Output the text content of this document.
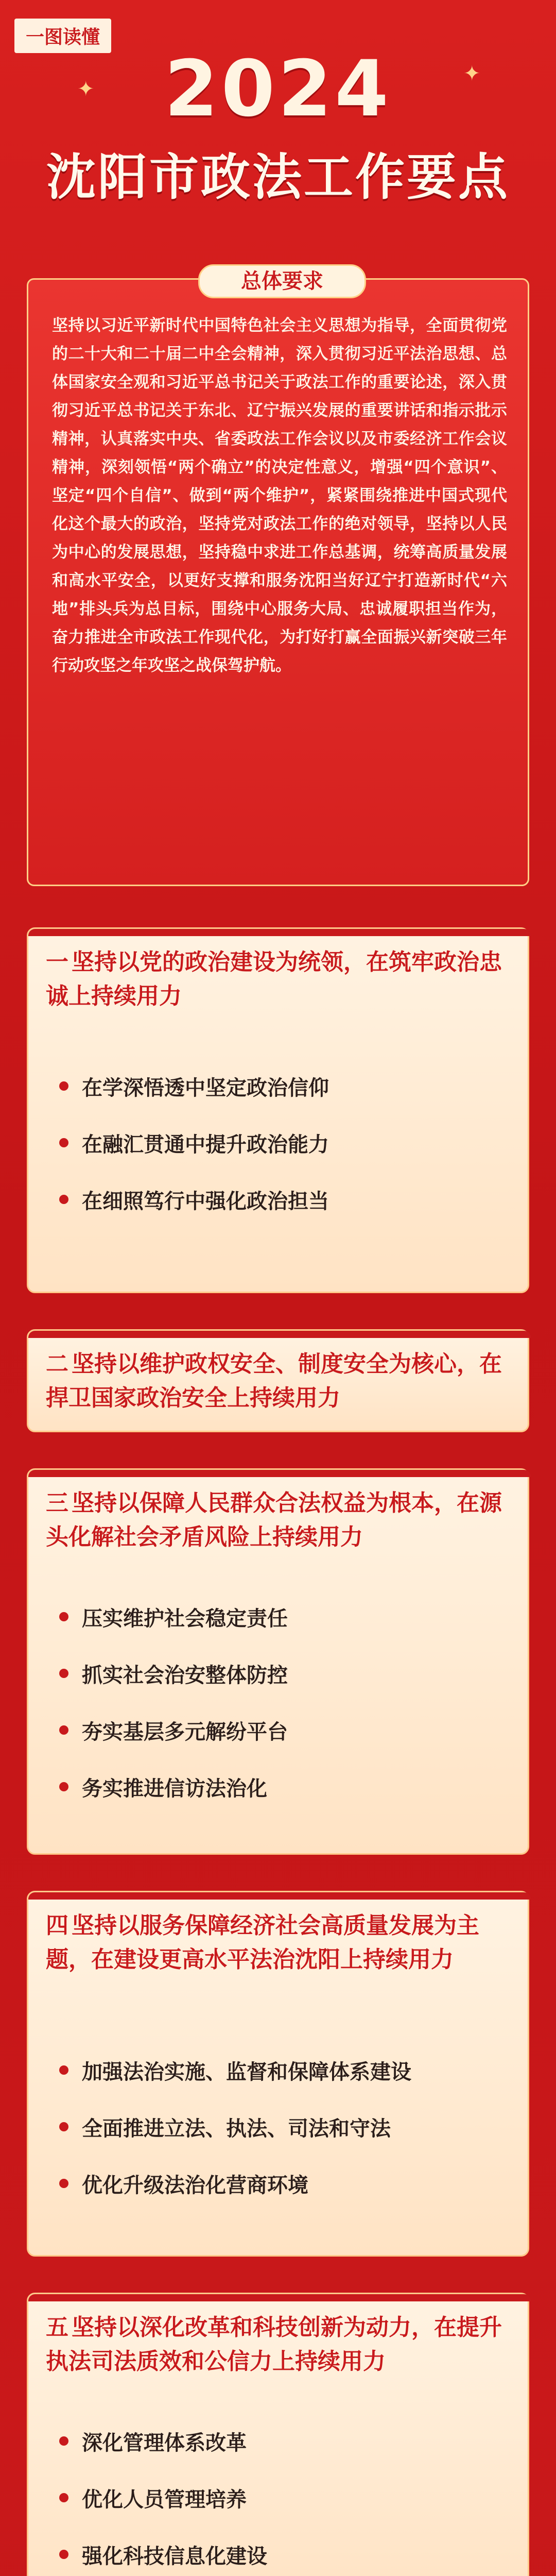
一图读懂
✦
✦
2024
沈阳市政法工作要点
总体要求
坚持以习近平新时代中国特色社会主义思想为指导，全面贯彻党的二十大和二十届二中全会精神，深入贯彻习近平法治思想、总体国家安全观和习近平总书记关于政法工作的重要论述，深入贯彻习近平总书记关于东北、辽宁振兴发展的重要讲话和指示批示精神，认真落实中央、省委政法工作会议以及市委经济工作会议精神，深刻领悟“两个确立”的决定性意义，增强“四个意识”、坚定“四个自信”、做到“两个维护”，紧紧围绕推进中国式现代化这个最大的政治，坚持党对政法工作的绝对领导，坚持以人民为中心的发展思想，坚持稳中求进工作总基调，统筹高质量发展和高水平安全，以更好支撑和服务沈阳当好辽宁打造新时代“六地”排头兵为总目标，围绕中心服务大局、忠诚履职担当作为，奋力推进全市政法工作现代化，为打好打赢全面振兴新突破三年行动攻坚之年攻坚之战保驾护航。
一 坚持以党的政治建设为统领，在筑牢政治忠诚上持续用力
在学深悟透中坚定政治信仰
在融汇贯通中提升政治能力
在细照笃行中强化政治担当
二 坚持以维护政权安全、制度安全为核心，在捍卫国家政治安全上持续用力
三 坚持以保障人民群众合法权益为根本，在源头化解社会矛盾风险上持续用力
压实维护社会稳定责任
抓实社会治安整体防控
夯实基层多元解纷平台
务实推进信访法治化
四 坚持以服务保障经济社会高质量发展为主题，在建设更高水平法治沈阳上持续用力
加强法治实施、监督和保障体系建设
全面推进立法、执法、司法和守法
优化升级法治化营商环境
五 坚持以深化改革和科技创新为动力，在提升执法司法质效和公信力上持续用力
深化管理体系改革
优化人员管理培养
强化科技信息化建设
